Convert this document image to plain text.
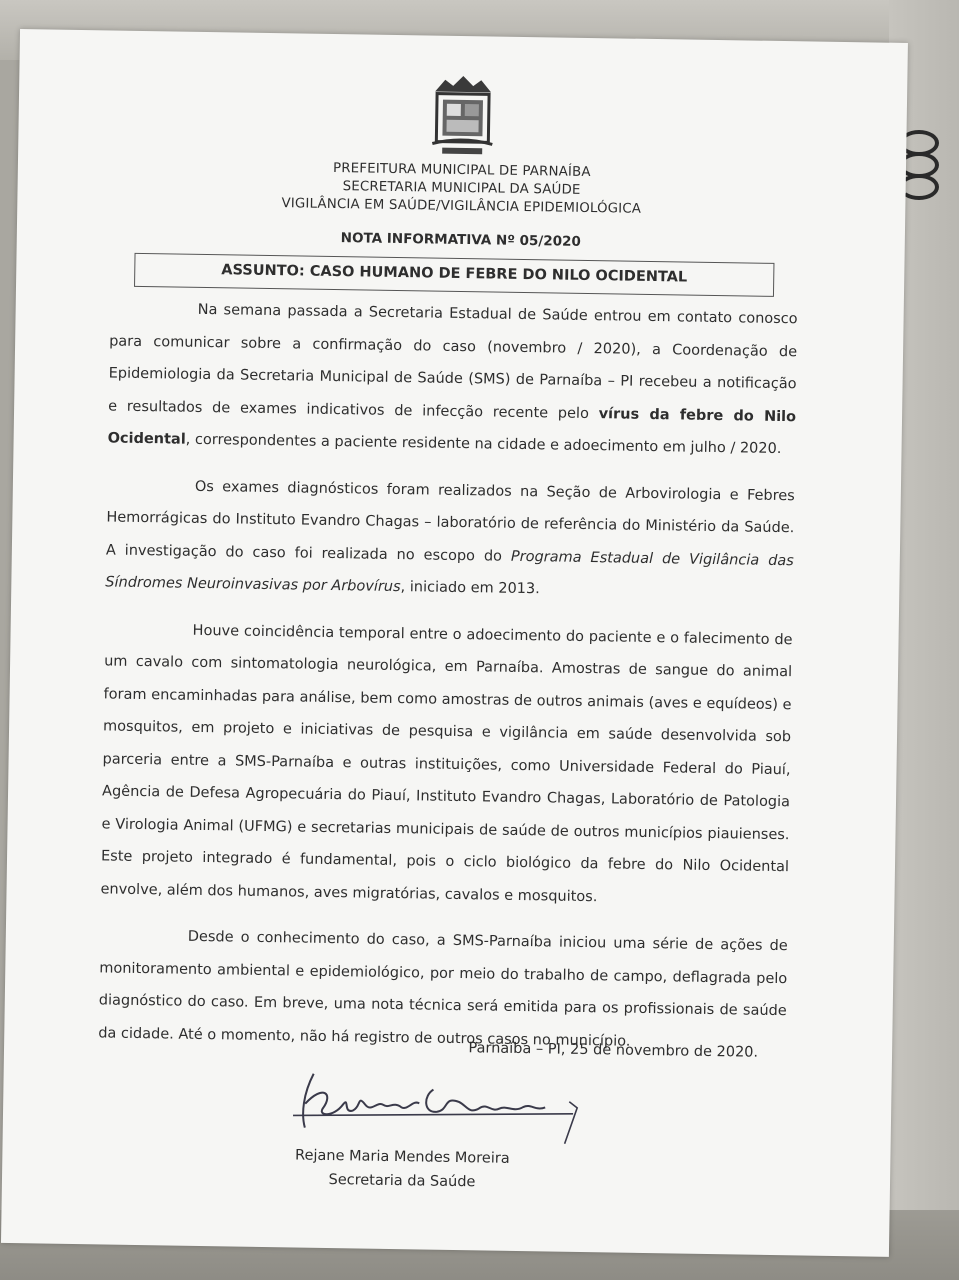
PREFEITURA MUNICIPAL DE PARNAÍBA
SECRETARIA MUNICIPAL DA SAÚDE
VIGILÂNCIA EM SAÚDE/VIGILÂNCIA EPIDEMIOLÓGICA
NOTA INFORMATIVA Nº 05/2020
ASSUNTO: CASO HUMANO DE FEBRE DO NILO OCIDENTAL

Na semana passada a Secretaria Estadual de Saúde entrou em contato conosco para comunicar sobre a confirmação do caso (novembro / 2020), a Coordenação de Epidemiologia da Secretaria Municipal de Saúde (SMS) de Parnaíba – PI recebeu a notificação e resultados de exames indicativos de infecção recente pelo vírus da febre do Nilo Ocidental, correspondentes a paciente residente na cidade e adoecimento em julho / 2020.

Os exames diagnósticos foram realizados na Seção de Arbovirologia e Febres Hemorrágicas do Instituto Evandro Chagas – laboratório de referência do Ministério da Saúde. A investigação do caso foi realizada no escopo do Programa Estadual de Vigilância das Síndromes Neuroinvasivas por Arbovírus, iniciado em 2013.

Houve coincidência temporal entre o adoecimento do paciente e o falecimento de um cavalo com sintomatologia neurológica, em Parnaíba. Amostras de sangue do animal foram encaminhadas para análise, bem como amostras de outros animais (aves e equídeos) e mosquitos, em projeto e iniciativas de pesquisa e vigilância em saúde desenvolvida sob parceria entre a SMS-Parnaíba e outras instituições, como Universidade Federal do Piauí, Agência de Defesa Agropecuária do Piauí, Instituto Evandro Chagas, Laboratório de Patologia e Virologia Animal (UFMG) e secretarias municipais de saúde de outros municípios piauienses. Este projeto integrado é fundamental, pois o ciclo biológico da febre do Nilo Ocidental envolve, além dos humanos, aves migratórias, cavalos e mosquitos.

Desde o conhecimento do caso, a SMS-Parnaíba iniciou uma série de ações de monitoramento ambiental e epidemiológico, por meio do trabalho de campo, deflagrada pelo diagnóstico do caso. Em breve, uma nota técnica será emitida para os profissionais de saúde da cidade. Até o momento, não há registro de outros casos no município.

Parnaíba – PI, 25 de novembro de 2020.
Rejane Maria Mendes Moreira
Secretaria da Saúde
